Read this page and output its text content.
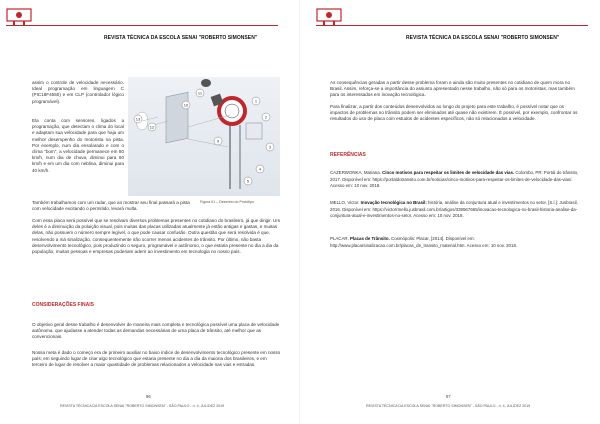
REVISTA TÉCNICA DA ESCOLA SENAI "ROBERTO SIMONSEN"

assim o controle de velocidade necessário. Ideal programação em linguagem C (PIC18F4550) e em CLP (controlador lógico programável).

Ela conta com sensores, ligados a programação, que detectam o clima do local e adaptam sua velocidade para que haja um melhor desempenho do motorista na pista. Por exemplo, num dia ensolarado e com o clima "bom", a velocidade permanece em 80 km/h, num dia de chuva, diminui para 60 km/h e em um dia com neblina, diminui para 40 km/h.

13
12
10
11
9
1
2
3
4
5
Figura 01 – Desenho do Protótipo

Também trabalhamos com um radar, que ao mostrar seu final passará a pista com velocidade excitando o permitido, levará multa.

Com essa placa será possível que se resolvam diversos problemas presentes no cotidiano do brasileiro, já que dirigir. Um deles é a diminuição da poluição visual, pois muitas das placas utilizadas atualmente já estão antigas e gastas, e muitas delas, não possuem o número sempre legível, o que pode causar confusão. Outra questão que será resolvida é que, resolvendo a má sinalização, consequentemente irão ocorrer menos acidentes de trânsito. Por último, não basta desenvolvimento tecnológico, pois produzindo o seguro, programável e autônomo, o que estaria presente no dia a dia da população, muitas pessoas e empresas poderiam aderir ao investimento em tecnologia no nosso país.

CONSIDERAÇÕES FINAIS

O objetivo geral desse trabalho é desenvolver de maneira mais completa e tecnológica possível uma placa de velocidade autônoma, que ajudasse a atender todas as demandas necessárias de uma placa de trânsito, até melhor que as convencionais.

Nossa meta é dado o começo era de primeiro auxiliar no baixo índice de desenvolvimento tecnológico presente em nosso país; em seguindo lugar de criar algo tecnológico que estaria presente no dia a dia da maioria dos brasileiros, e em terceiro de lugar de resolver a maior quantidade de problemas relacionados a velocidade nas vias e estradas.

96
REVISTA TÉCNICA DA ESCOLA SENAI "ROBERTO SIMONSEN" - SÃO PAULO - n. 4, JUL/DEZ 2019
REVISTA TÉCNICA DA ESCOLA SENAI "ROBERTO SIMONSEN"

As consequências geradas a partir desse problema foram e ainda são muito presentes no cotidiano de quem mora no Brasil. Assim, reforça-se a importância do assunto apresentado nesse trabalho, não só para os motoristas, mas também para os interessados em inovação tecnológica.

Para finalizar, a partir dos conteúdos desenvolvidos ao longo do projeto para este trabalho, é possível notar que os impactos de problemas no trânsito podem ser eliminados até quase não existirem. É possível, por exemplo, confrontar os resultados do uso de placa com estudos de acidentes específicos, não só relacionados a velocidade.

REFERÊNCIAS

CAZERWONKA, Mariana. Cinco motivos para respeitar os limites de velocidade das vias. Colombo, PR: Portal do trânsito, 2017. Disponível em: https://portaldotransito.com.br/noticias/cinco-motivos-para-respeitar-os-limites-de-velocidade-das-vias/. Acesso em: 10 nov. 2018.

MELLO, Victor. Inovação tecnológica no Brasil: história, análise da conjuntura atual e investimentos no setor. [S.l.]: Jusbrasil, 2016. Disponível em: https://victorrmello.jusbrasil.com.br/artigos/339567665/inovacao-tecnologica-no-brasil-historia-analise-da-conjuntura-atual-e-investimentos-no-setor. Acesso em: 10 nov. 2018.

PLACAR. Placas de Trânsito. Cosmópolis: Placar, [2014]. Disponível em: http://www.placarsinalizacao.com.br/placas_de_transito_material.htm. Acesso em: 10 nov. 2018.

97
REVISTA TÉCNICA DA ESCOLA SENAI "ROBERTO SIMONSEN" - SÃO PAULO - n. 4, JUL/DEZ 2019
